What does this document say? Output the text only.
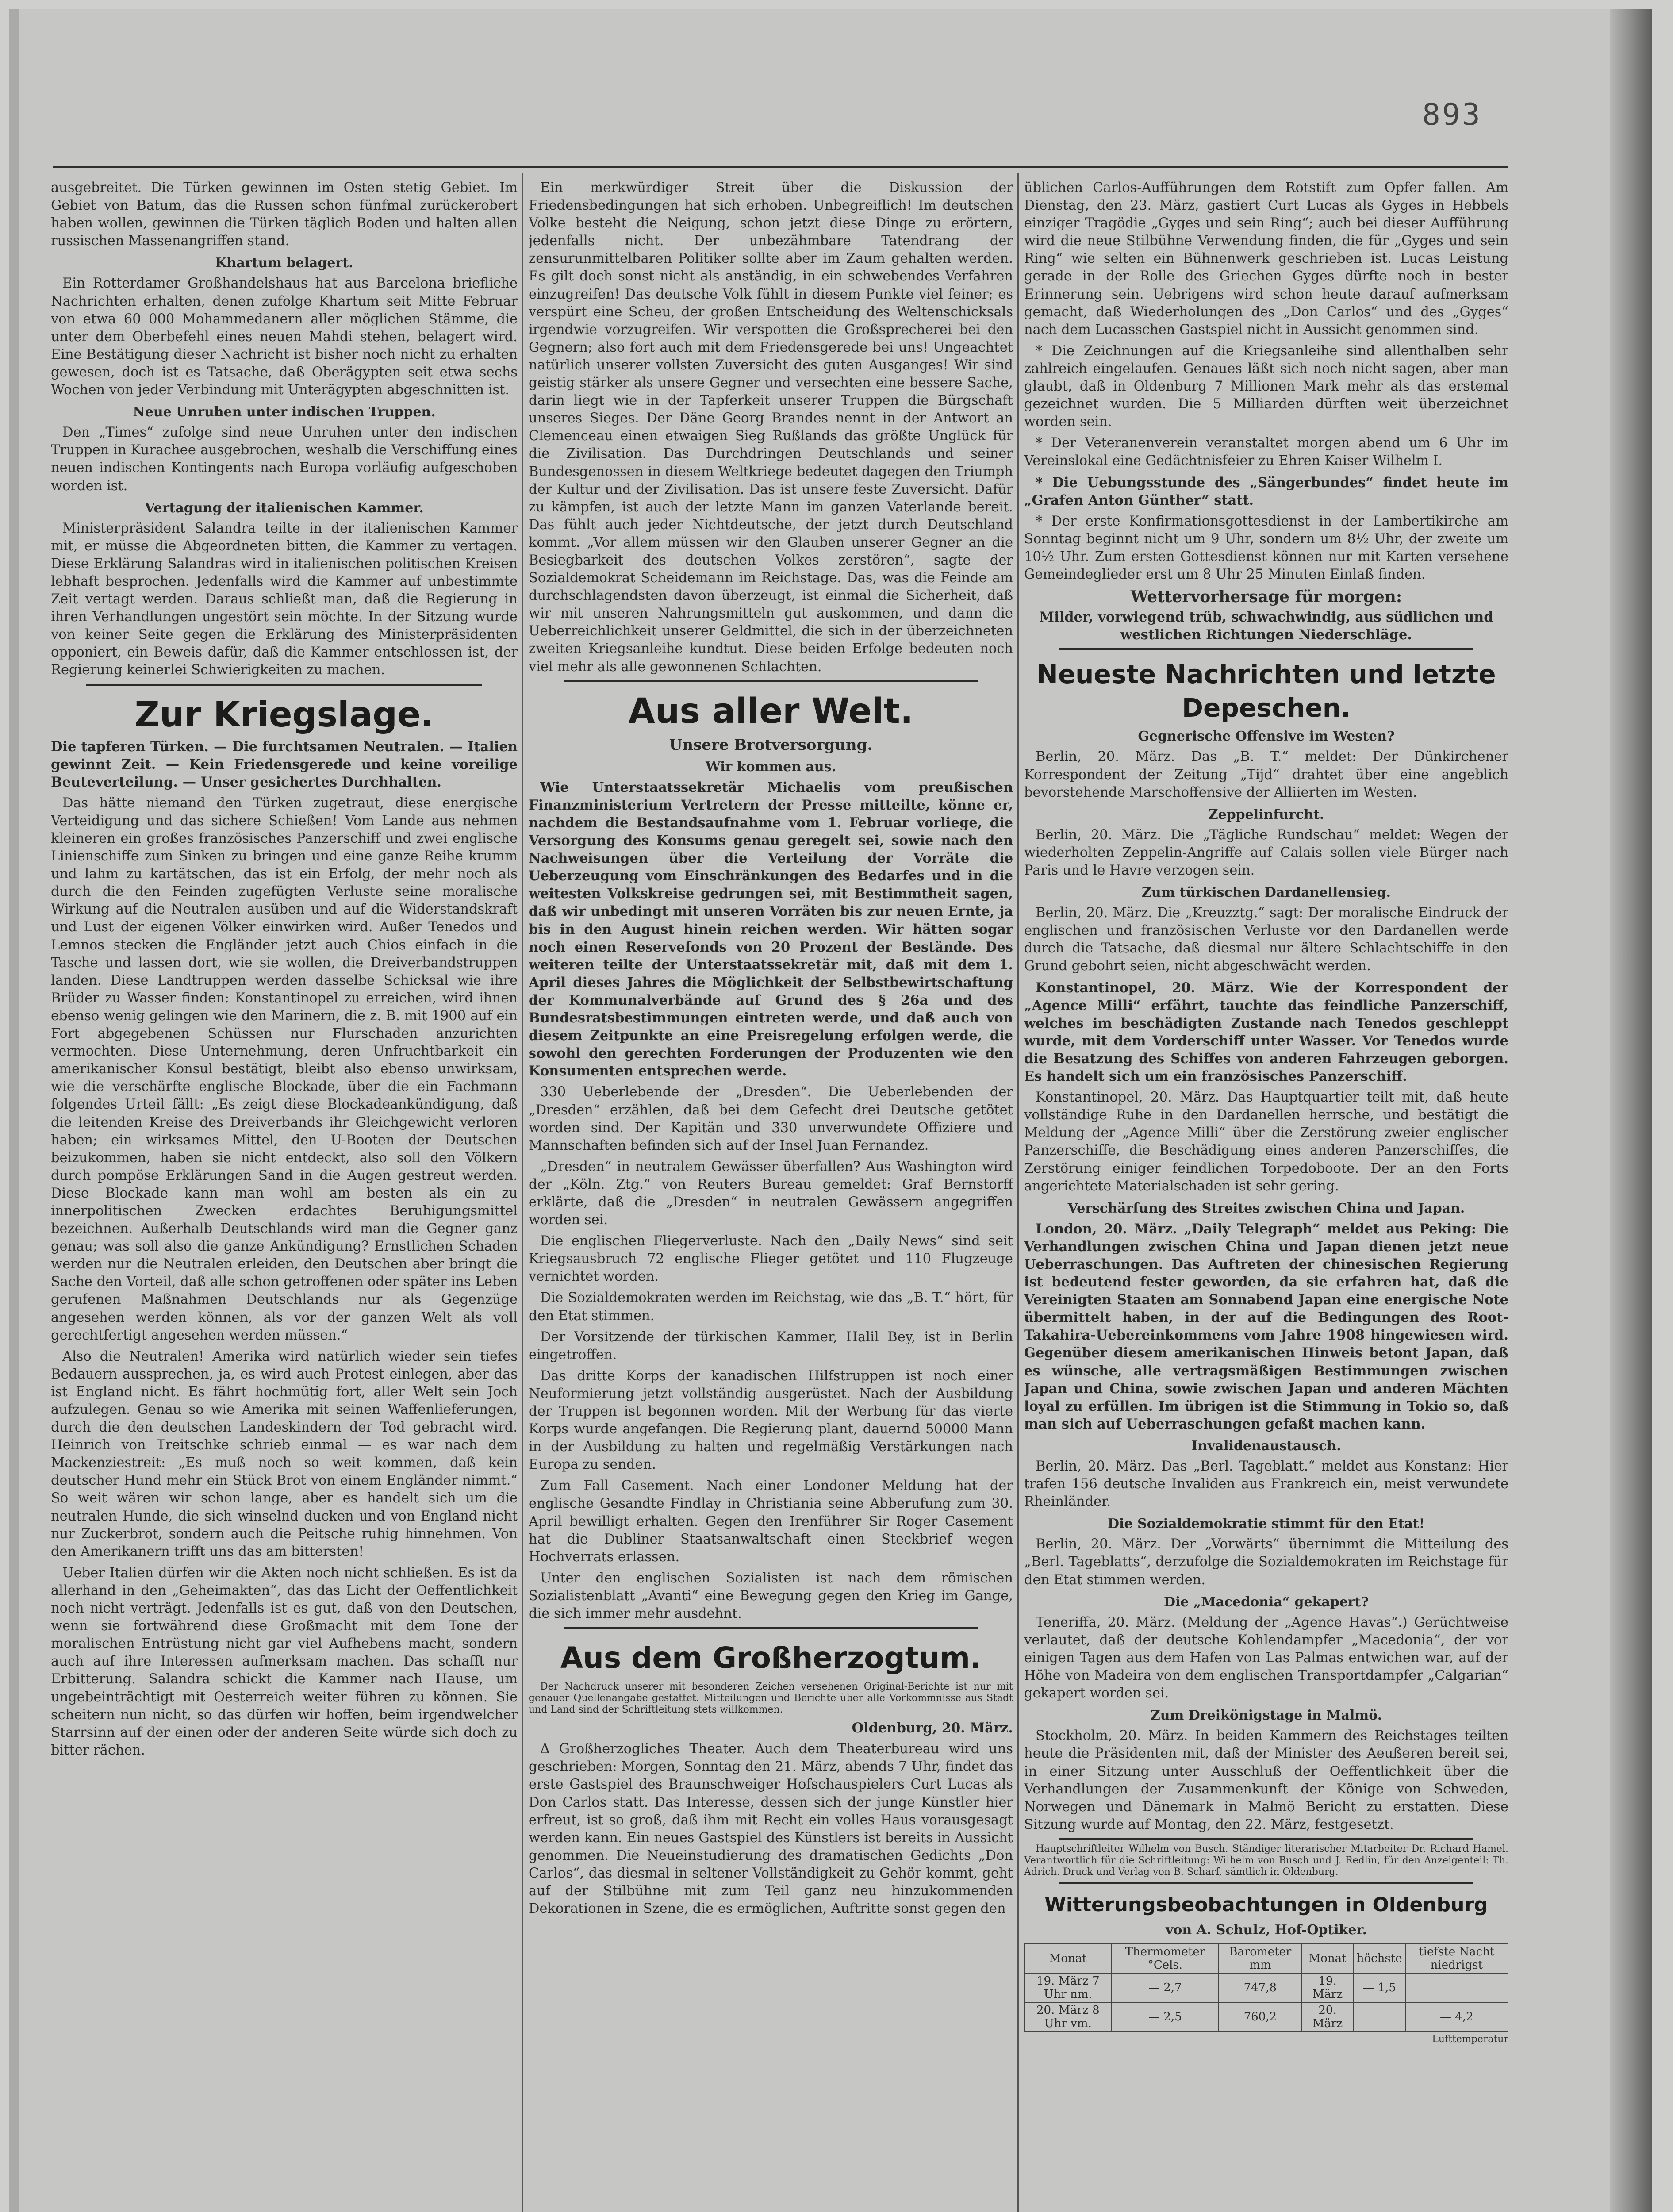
893

ausgebreitet. Die Türken gewinnen im Osten stetig Gebiet. Im Gebiet von Batum, das die Russen schon fünfmal zurückerobert haben wollen, gewinnen die Türken täglich Boden und halten allen russischen Massenangriffen stand.

Khartum belagert.

Ein Rotterdamer Großhandelshaus hat aus Barcelona briefliche Nachrichten erhalten, denen zufolge Khartum seit Mitte Februar von etwa 60 000 Mohammedanern aller möglichen Stämme, die unter dem Oberbefehl eines neuen Mahdi stehen, belagert wird. Eine Bestätigung dieser Nachricht ist bisher noch nicht zu erhalten gewesen, doch ist es Tatsache, daß Oberägypten seit etwa sechs Wochen von jeder Verbindung mit Unterägypten abgeschnitten ist.

Neue Unruhen unter indischen Truppen.

Den „Times“ zufolge sind neue Unruhen unter den indischen Truppen in Kurachee ausgebrochen, weshalb die Verschiffung eines neuen indischen Kontingents nach Europa vorläufig aufgeschoben worden ist.

Vertagung der italienischen Kammer.

Ministerpräsident Salandra teilte in der italienischen Kammer mit, er müsse die Abgeordneten bitten, die Kammer zu vertagen. Diese Erklärung Salandras wird in italienischen politischen Kreisen lebhaft besprochen. Jedenfalls wird die Kammer auf unbestimmte Zeit vertagt werden. Daraus schließt man, daß die Regierung in ihren Verhandlungen ungestört sein möchte. In der Sitzung wurde von keiner Seite gegen die Erklärung des Ministerpräsidenten opponiert, ein Beweis dafür, daß die Kammer entschlossen ist, der Regierung keinerlei Schwierigkeiten zu machen.

Zur Kriegslage.

Die tapferen Türken. — Die furchtsamen Neutralen. — Italien gewinnt Zeit. — Kein Friedensgerede und keine voreilige Beuteverteilung. — Unser gesichertes Durchhalten.

Das hätte niemand den Türken zugetraut, diese energische Verteidigung und das sichere Schießen! Vom Lande aus nehmen kleineren ein großes französisches Panzerschiff und zwei englische Linienschiffe zum Sinken zu bringen und eine ganze Reihe krumm und lahm zu kartätschen, das ist ein Erfolg, der mehr noch als durch die den Feinden zugefügten Verluste seine moralische Wirkung auf die Neutralen ausüben und auf die Widerstandskraft und Lust der eigenen Völker einwirken wird. Außer Tenedos und Lemnos stecken die Engländer jetzt auch Chios einfach in die Tasche und lassen dort, wie sie wollen, die Dreiverbandstruppen landen. Diese Landtruppen werden dasselbe Schicksal wie ihre Brüder zu Wasser finden: Konstantinopel zu erreichen, wird ihnen ebenso wenig gelingen wie den Marinern, die z. B. mit 1900 auf ein Fort abgegebenen Schüssen nur Flurschaden anzurichten vermochten. Diese Unternehmung, deren Unfruchtbarkeit ein amerikanischer Konsul bestätigt, bleibt also ebenso unwirksam, wie die verschärfte englische Blockade, über die ein Fachmann folgendes Urteil fällt: „Es zeigt diese Blockadeankündigung, daß die leitenden Kreise des Dreiverbands ihr Gleichgewicht verloren haben; ein wirksames Mittel, den U-Booten der Deutschen beizukommen, haben sie nicht entdeckt, also soll den Völkern durch pompöse Erklärungen Sand in die Augen gestreut werden. Diese Blockade kann man wohl am besten als ein zu innerpolitischen Zwecken erdachtes Beruhigungsmittel bezeichnen. Außerhalb Deutschlands wird man die Gegner ganz genau; was soll also die ganze Ankündigung? Ernstlichen Schaden werden nur die Neutralen erleiden, den Deutschen aber bringt die Sache den Vorteil, daß alle schon getroffenen oder später ins Leben gerufenen Maßnahmen Deutschlands nur als Gegenzüge angesehen werden können, als vor der ganzen Welt als voll gerechtfertigt angesehen werden müssen.“

Also die Neutralen! Amerika wird natürlich wieder sein tiefes Bedauern aussprechen, ja, es wird auch Protest einlegen, aber das ist England nicht. Es fährt hochmütig fort, aller Welt sein Joch aufzulegen. Genau so wie Amerika mit seinen Waffenlieferungen, durch die den deutschen Landeskindern der Tod gebracht wird. Heinrich von Treitschke schrieb einmal — es war nach dem Mackenziestreit: „Es muß noch so weit kommen, daß kein deutscher Hund mehr ein Stück Brot von einem Engländer nimmt.“ So weit wären wir schon lange, aber es handelt sich um die neutralen Hunde, die sich winselnd ducken und von England nicht nur Zuckerbrot, sondern auch die Peitsche ruhig hinnehmen. Von den Amerikanern trifft uns das am bittersten!

Ueber Italien dürfen wir die Akten noch nicht schließen. Es ist da allerhand in den „Geheimakten“, das das Licht der Oeffentlichkeit noch nicht verträgt. Jedenfalls ist es gut, daß von den Deutschen, wenn sie fortwährend diese Großmacht mit dem Tone der moralischen Entrüstung nicht gar viel Aufhebens macht, sondern auch auf ihre Interessen aufmerksam machen. Das schafft nur Erbitterung. Salandra schickt die Kammer nach Hause, um ungebeinträchtigt mit Oesterreich weiter führen zu können. Sie scheitern nun nicht, so das dürfen wir hoffen, beim irgendwelcher Starrsinn auf der einen oder der anderen Seite würde sich doch zu bitter rächen.

Ein merkwürdiger Streit über die Diskussion der Friedensbedingungen hat sich erhoben. Unbegreiflich! Im deutschen Volke besteht die Neigung, schon jetzt diese Dinge zu erörtern, jedenfalls nicht. Der unbezähmbare Tatendrang der zensurunmittelbaren Politiker sollte aber im Zaum gehalten werden. Es gilt doch sonst nicht als anständig, in ein schwebendes Verfahren einzugreifen! Das deutsche Volk fühlt in diesem Punkte viel feiner; es verspürt eine Scheu, der großen Entscheidung des Weltenschicksals irgendwie vorzugreifen. Wir verspotten die Großsprecherei bei den Gegnern; also fort auch mit dem Friedensgerede bei uns! Ungeachtet natürlich unserer vollsten Zuversicht des guten Ausganges! Wir sind geistig stärker als unsere Gegner und versechten eine bessere Sache, darin liegt wie in der Tapferkeit unserer Truppen die Bürgschaft unseres Sieges. Der Däne Georg Brandes nennt in der Antwort an Clemenceau einen etwaigen Sieg Rußlands das größte Unglück für die Zivilisation. Das Durchdringen Deutschlands und seiner Bundesgenossen in diesem Weltkriege bedeutet dagegen den Triumph der Kultur und der Zivilisation. Das ist unsere feste Zuversicht. Dafür zu kämpfen, ist auch der letzte Mann im ganzen Vaterlande bereit. Das fühlt auch jeder Nichtdeutsche, der jetzt durch Deutschland kommt. „Vor allem müssen wir den Glauben unserer Gegner an die Besiegbarkeit des deutschen Volkes zerstören“, sagte der Sozialdemokrat Scheidemann im Reichstage. Das, was die Feinde am durchschlagendsten davon überzeugt, ist einmal die Sicherheit, daß wir mit unseren Nahrungsmitteln gut auskommen, und dann die Ueberreichlichkeit unserer Geldmittel, die sich in der überzeichneten zweiten Kriegsanleihe kundtut. Diese beiden Erfolge bedeuten noch viel mehr als alle gewonnenen Schlachten.

Aus aller Welt.

Unsere Brotversorgung.

Wir kommen aus.

Wie Unterstaatssekretär Michaelis vom preußischen Finanzministerium Vertretern der Presse mitteilte, könne er, nachdem die Bestandsaufnahme vom 1. Februar vorliege, die Versorgung des Konsums genau geregelt sei, sowie nach den Nachweisungen über die Verteilung der Vorräte die Ueberzeugung vom Einschränkungen des Bedarfes und in die weitesten Volkskreise gedrungen sei, mit Bestimmtheit sagen, daß wir unbedingt mit unseren Vorräten bis zur neuen Ernte, ja bis in den August hinein reichen werden. Wir hätten sogar noch einen Reservefonds von 20 Prozent der Bestände. Des weiteren teilte der Unterstaatssekretär mit, daß mit dem 1. April dieses Jahres die Möglichkeit der Selbstbewirtschaftung der Kommunalverbände auf Grund des § 26a und des Bundesratsbestimmungen eintreten werde, und daß auch von diesem Zeitpunkte an eine Preisregelung erfolgen werde, die sowohl den gerechten Forderungen der Produzenten wie den Konsumenten entsprechen werde.

330 Ueberlebende der „Dresden“. Die Ueberlebenden der „Dresden“ erzählen, daß bei dem Gefecht drei Deutsche getötet worden sind. Der Kapitän und 330 unverwundete Offiziere und Mannschaften befinden sich auf der Insel Juan Fernandez.

„Dresden“ in neutralem Gewässer überfallen? Aus Washington wird der „Köln. Ztg.“ von Reuters Bureau gemeldet: Graf Bernstorff erklärte, daß die „Dresden“ in neutralen Gewässern angegriffen worden sei.

Die englischen Fliegerverluste. Nach den „Daily News“ sind seit Kriegsausbruch 72 englische Flieger getötet und 110 Flugzeuge vernichtet worden.

Die Sozialdemokraten werden im Reichstag, wie das „B. T.“ hört, für den Etat stimmen.

Der Vorsitzende der türkischen Kammer, Halil Bey, ist in Berlin eingetroffen.

Das dritte Korps der kanadischen Hilfstruppen ist noch einer Neuformierung jetzt vollständig ausgerüstet. Nach der Ausbildung der Truppen ist begonnen worden. Mit der Werbung für das vierte Korps wurde angefangen. Die Regierung plant, dauernd 50000 Mann in der Ausbildung zu halten und regelmäßig Verstärkungen nach Europa zu senden.

Zum Fall Casement. Nach einer Londoner Meldung hat der englische Gesandte Findlay in Christiania seine Abberufung zum 30. April bewilligt erhalten. Gegen den Irenführer Sir Roger Casement hat die Dubliner Staatsanwaltschaft einen Steckbrief wegen Hochverrats erlassen.

Unter den englischen Sozialisten ist nach dem römischen Sozialistenblatt „Avanti“ eine Bewegung gegen den Krieg im Gange, die sich immer mehr ausdehnt.

Aus dem Großherzogtum.

Der Nachdruck unserer mit besonderen Zeichen versehenen Original-Berichte ist nur mit genauer Quellenangabe gestattet. Mitteilungen und Berichte über alle Vorkommnisse aus Stadt und Land sind der Schriftleitung stets willkommen.

Oldenburg, 20. März.

Δ Großherzogliches Theater. Auch dem Theaterbureau wird uns geschrieben: Morgen, Sonntag den 21. März, abends 7 Uhr, findet das erste Gastspiel des Braunschweiger Hofschauspielers Curt Lucas als Don Carlos statt. Das Interesse, dessen sich der junge Künstler hier erfreut, ist so groß, daß ihm mit Recht ein volles Haus vorausgesagt werden kann. Ein neues Gastspiel des Künstlers ist bereits in Aussicht genommen. Die Neueinstudierung des dramatischen Gedichts „Don Carlos“, das diesmal in seltener Vollständigkeit zu Gehör kommt, geht auf der Stilbühne mit zum Teil ganz neu hinzukommenden Dekorationen in Szene, die es ermöglichen, Auftritte sonst gegen den

üblichen Carlos-Aufführungen dem Rotstift zum Opfer fallen. Am Dienstag, den 23. März, gastiert Curt Lucas als Gyges in Hebbels einziger Tragödie „Gyges und sein Ring“; auch bei dieser Aufführung wird die neue Stilbühne Verwendung finden, die für „Gyges und sein Ring“ wie selten ein Bühnenwerk geschrieben ist. Lucas Leistung gerade in der Rolle des Griechen Gyges dürfte noch in bester Erinnerung sein. Uebrigens wird schon heute darauf aufmerksam gemacht, daß Wiederholungen des „Don Carlos“ und des „Gyges“ nach dem Lucasschen Gastspiel nicht in Aussicht genommen sind.

* Die Zeichnungen auf die Kriegsanleihe sind allenthalben sehr zahlreich eingelaufen. Genaues läßt sich noch nicht sagen, aber man glaubt, daß in Oldenburg 7 Millionen Mark mehr als das erstemal gezeichnet wurden. Die 5 Milliarden dürften weit überzeichnet worden sein.

* Der Veteranenverein veranstaltet morgen abend um 6 Uhr im Vereinslokal eine Gedächtnisfeier zu Ehren Kaiser Wilhelm I.

* Die Uebungsstunde des „Sängerbundes“ findet heute im „Grafen Anton Günther“ statt.

* Der erste Konfirmationsgottesdienst in der Lambertikirche am Sonntag beginnt nicht um 9 Uhr, sondern um 8½ Uhr, der zweite um 10½ Uhr. Zum ersten Gottesdienst können nur mit Karten versehene Gemeindeglieder erst um 8 Uhr 25 Minuten Einlaß finden.

Wettervorhersage für morgen:

Milder, vorwiegend trüb, schwachwindig, aus südlichen und westlichen Richtungen Niederschläge.

Neueste Nachrichten und letzte
Depeschen.

Gegnerische Offensive im Westen?

Berlin, 20. März. Das „B. T.“ meldet: Der Dünkirchener Korrespondent der Zeitung „Tijd“ drahtet über eine angeblich bevorstehende Marschoffensive der Alliierten im Westen.

Zeppelinfurcht.

Berlin, 20. März. Die „Tägliche Rundschau“ meldet: Wegen der wiederholten Zeppelin-Angriffe auf Calais sollen viele Bürger nach Paris und le Havre verzogen sein.

Zum türkischen Dardanellensieg.

Berlin, 20. März. Die „Kreuzztg.“ sagt: Der moralische Eindruck der englischen und französischen Verluste vor den Dardanellen werde durch die Tatsache, daß diesmal nur ältere Schlachtschiffe in den Grund gebohrt seien, nicht abgeschwächt werden.

Konstantinopel, 20. März. Wie der Korrespondent der „Agence Milli“ erfährt, tauchte das feindliche Panzerschiff, welches im beschädigten Zustande nach Tenedos geschleppt wurde, mit dem Vorderschiff unter Wasser. Vor Tenedos wurde die Besatzung des Schiffes von anderen Fahrzeugen geborgen. Es handelt sich um ein französisches Panzerschiff.

Konstantinopel, 20. März. Das Hauptquartier teilt mit, daß heute vollständige Ruhe in den Dardanellen herrsche, und bestätigt die Meldung der „Agence Milli“ über die Zerstörung zweier englischer Panzerschiffe, die Beschädigung eines anderen Panzerschiffes, die Zerstörung einiger feindlichen Torpedoboote. Der an den Forts angerichtete Materialschaden ist sehr gering.

Verschärfung des Streites zwischen China und Japan.

London, 20. März. „Daily Telegraph“ meldet aus Peking: Die Verhandlungen zwischen China und Japan dienen jetzt neue Ueberraschungen. Das Auftreten der chinesischen Regierung ist bedeutend fester geworden, da sie erfahren hat, daß die Vereinigten Staaten am Sonnabend Japan eine energische Note übermittelt haben, in der auf die Bedingungen des Root-Takahira-Uebereinkommens vom Jahre 1908 hingewiesen wird. Gegenüber diesem amerikanischen Hinweis betont Japan, daß es wünsche, alle vertragsmäßigen Bestimmungen zwischen Japan und China, sowie zwischen Japan und anderen Mächten loyal zu erfüllen. Im übrigen ist die Stimmung in Tokio so, daß man sich auf Ueberraschungen gefaßt machen kann.

Invalidenaustausch.

Berlin, 20. März. Das „Berl. Tageblatt.“ meldet aus Konstanz: Hier trafen 156 deutsche Invaliden aus Frankreich ein, meist verwundete Rheinländer.

Die Sozialdemokratie stimmt für den Etat!

Berlin, 20. März. Der „Vorwärts“ übernimmt die Mitteilung des „Berl. Tageblatts“, derzufolge die Sozialdemokraten im Reichstage für den Etat stimmen werden.

Die „Macedonia“ gekapert?

Teneriffa, 20. März. (Meldung der „Agence Havas“.) Gerüchtweise verlautet, daß der deutsche Kohlendampfer „Macedonia“, der vor einigen Tagen aus dem Hafen von Las Palmas entwichen war, auf der Höhe von Madeira von dem englischen Transportdampfer „Calgarian“ gekapert worden sei.

Zum Dreikönigstage in Malmö.

Stockholm, 20. März. In beiden Kammern des Reichstages teilten heute die Präsidenten mit, daß der Minister des Aeußeren bereit sei, in einer Sitzung unter Ausschluß der Oeffentlichkeit über die Verhandlungen der Zusammenkunft der Könige von Schweden, Norwegen und Dänemark in Malmö Bericht zu erstatten. Diese Sitzung wurde auf Montag, den 22. März, festgesetzt.

Hauptschriftleiter Wilhelm von Busch. Ständiger literarischer Mitarbeiter Dr. Richard Hamel. Verantwortlich für die Schriftleitung: Wilhelm von Busch und J. Redlin, für den Anzeigenteil: Th. Adrich. Druck und Verlag von B. Scharf, sämtlich in Oldenburg.

Witterungsbeobachtungen in Oldenburg

von A. Schulz, Hof-Optiker.

Monat	Thermometer °Cels.	Barometer mm	Monat	höchste	tiefste Nacht niedrigst
19. März 7 Uhr nm.	— 2,7	747,8	19. März	— 1,5	
20. März 8 Uhr vm.	— 2,5	760,2	20. März		— 4,2

Lufttemperatur
